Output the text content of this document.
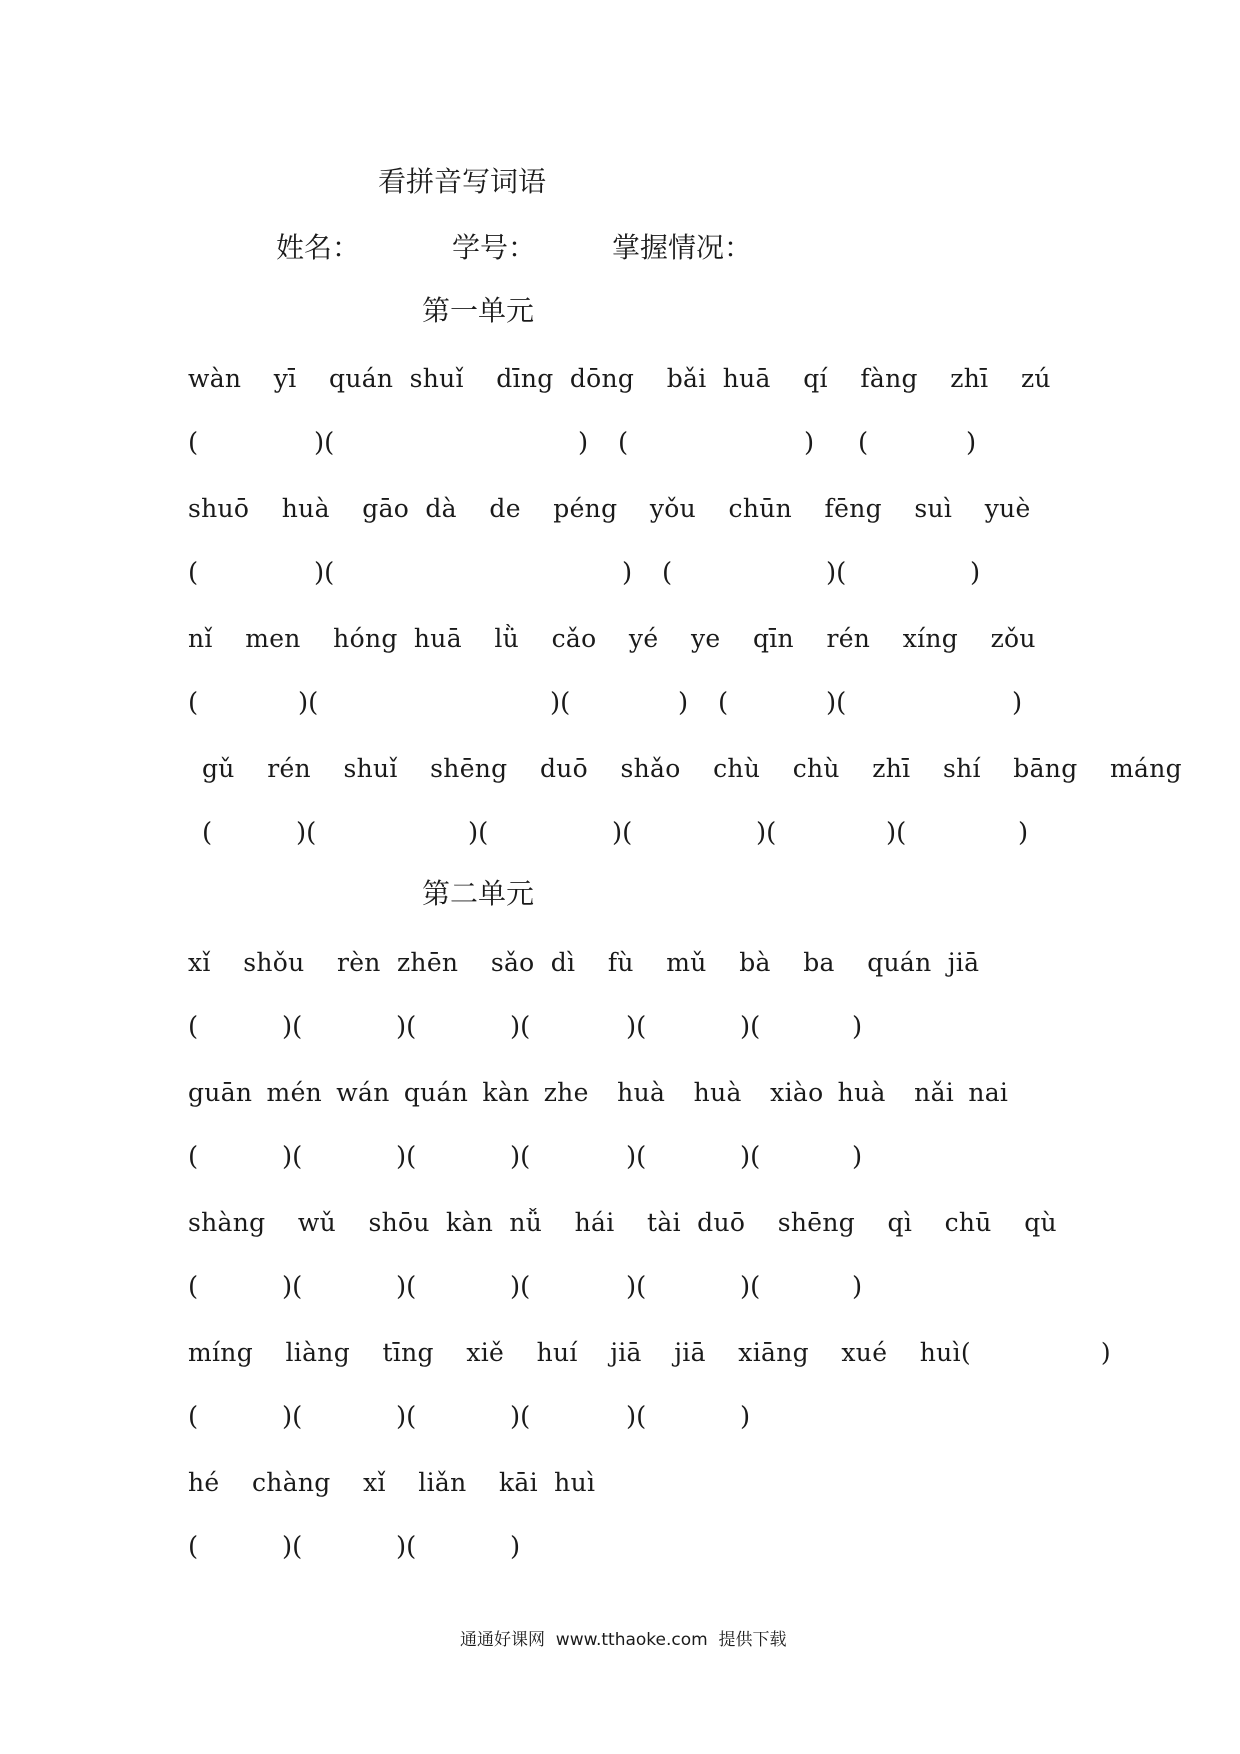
看拼音写词语
姓名：	学号：	掌握情况：
第一单元
wàn  yī  quán shuǐ  dīng dōng  bǎi huā  qí  fàng  zhī  zú
(	)(	) (	) (	)
shuō  huà  gāo dà  de  péng  yǒu  chūn  fēng  suì  yuè
(	)(	) (	)(	)
nǐ  men  hóng huā  lǜ  cǎo  yé  ye  qīn  rén  xíng  zǒu
(	)(	)(	) (	)(	)
gǔ  rén  shuǐ  shēng  duō  shǎo  chù  chù  zhī  shí  bāng  máng
(	)(	)(	)(	)(	)(	)
第二单元
xǐ  shǒu  rèn zhēn  sǎo dì  fù  mǔ  bà  ba  quán jiā
(	)(	)(	)(	)(	)(	)
guān mén wán quán kàn zhe  huà  huà  xiào huà  nǎi nai
(	)(	)(	)(	)(	)(	)
shàng  wǔ  shōu kàn nǚ  hái  tài duō  shēng  qì  chū  qù
(	)(	)(	)(	)(	)(	)
míng  liàng  tīng  xiě  huí  jiā  jiā  xiāng  xué  huì(        )
(	)(	)(	)(	)(	)
hé  chàng  xǐ  liǎn  kāi huì
(	)(	)(	)
通通好课网  www.tthaoke.com  提供下载
